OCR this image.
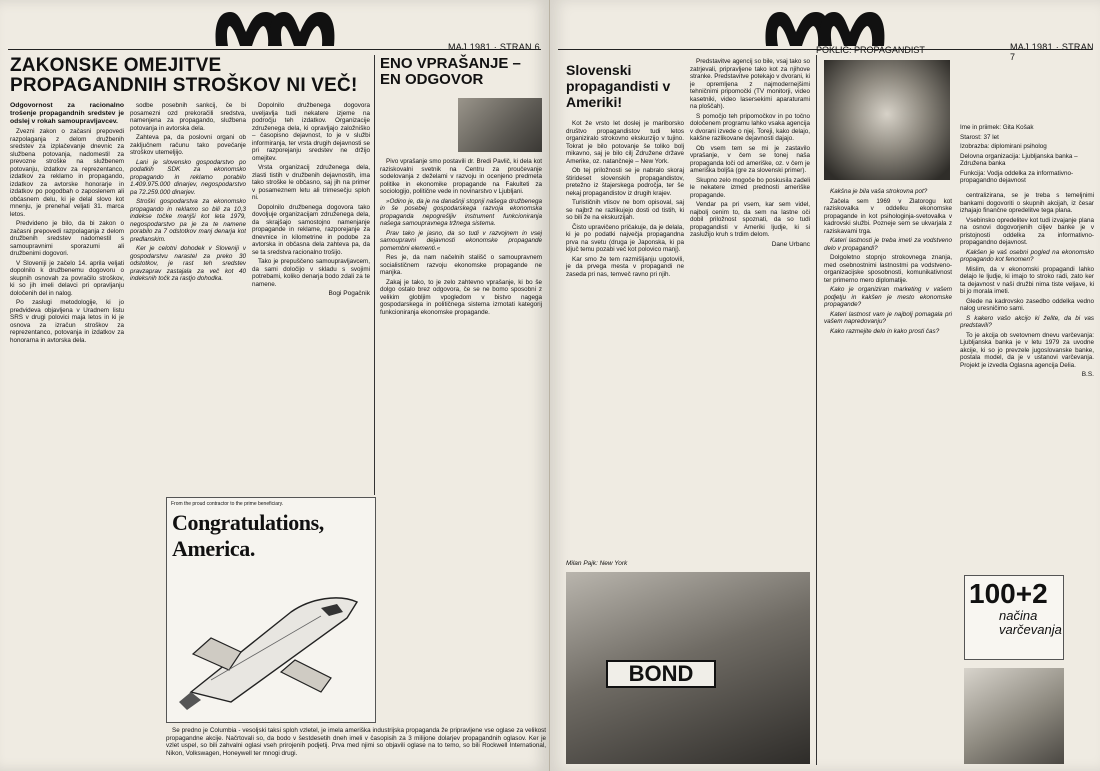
MAJ 1981 · STRAN 6
ZAKONSKE OMEJITVE PROPAGANDNIH STROŠKOV NI VEČ!

Odgovornost za racionalno trošenje propagandnih sredstev je odslej v rokah samoupravljavcev.

Zvezni zakon o začasni prepovedi razpolaganja z delom družbenih sredstev za izplačevanje dnevnic za službena potovanja, nadomestil za prevozne stroške na službenem potovanju, izdatkov za reprezentanco, izdatkov za reklamo in propagando, izdatkov za avtorske honorarje in izdatkov po pogodbah o zaposlenem ali občasnem delu, ki je delal slovo kot mnenju, je prenehal veljati 31. marca letos.

Predvideno je bilo, da bi zakon o začasni prepovedi razpolaganja z delom družbenih sredstev nadomestil s samoupravnimi sporazumi ali družbenimi dogovori.

V Sloveniji je začelo 14. aprila veljati dopolnilo k družbenemu dogovoru o skupnih osnovah za povračilo stroškov, ki so jih imeli delavci pri opravljanju določenih del in nalog.

Po zaslugi metodologije, ki jo predvideva objavljena v Uradnem listu SRS v drugi polovici maja letos in ki je osnova za izračun stroškov za reprezentanco, potovanja in izdatkov za honorarna in avtorska dela.

sodbe posebnih sankcij, če bi posamezni ozd prekoračili sredstva, namenjena za propagando, službena potovanja in avtorska dela.

Zahteva pa, da poslovni organi ob zaključnem računu tako povečanje stroškov utemeljijo.

Lani je slovensko gospodarstvo po podatkih SDK za ekonomsko propagando in reklamo porabilo 1.409.975.000 dinarjev, negospodarstvo pa 72.259.000 dinarjev.

Stroški gospodarstva za ekonomsko propagando in reklamo so bili za 10,3 indekse točke manjši kot leta 1979, negospodarstvo pa je za te namene porabilo za 7 odstotkov manj denarja kot predlanskim.

Ker je celotni dohodek v Sloveniji v gospodarstvu narastel za preko 30 odstotkov, je rast teh sredstev pravzaprav zastajala za več kot 40 indeksnih točk za rastjo dohodka.

Dopolnilo družbenega dogovora uveljavlja tudi nekatere izjeme na področju teh izdatkov. Organizacije združenega dela, ki opravljajo založniško – časopisno dejavnost, to je v službi informiranja, ter vrsta drugih dejavnosti se pri razporejanju sredstev ne držijo omejitev.

Vrsta organizacij združenega dela, zlasti tistih v družbenih dejavnostih, ima tako stroške le občasno, saj jih na primer v posameznem letu ali trimesečju sploh ni.

Dopolnilo družbenega dogovora tako dovoljuje organizacijam združenega dela, da skrajšajo samostojno namenjanje propagande in reklame, razporejanje za dnevnice in kilometrine in podobe za avtorska in občasna dela zahteva pa, da se ta sredstva racionalno trošijo.

Tako je prepuščeno samoupravljavcem, da sami določijo v skladu s svojimi potrebami, koliko denarja bodo zdali za te namene.

Bogi Pogačnik
ENO VPRAŠANJE – EN ODGOVOR

Pivo vprašanje smo postavili dr. Bredi Pavlič, ki dela kot raziskovalni svetnik na Centru za proučevanje sodelovanja z deželami v razvoju in ocenjeno predmeta politike in ekonomike propagande na Fakulteti za sociologijo, politične vede in novinarstvo v Ljubljani.

»Odino je, da je na današnji stopnji našega družbenega in še posebej gospodarskega razvoja ekonomska propaganda nepogrešljiv instrument funkcioniranja našega samoupravnega tržnega sistema.

Prav tako je jasno, da so tudi v razvojnem in vsej samoupravni dejavnosti ekonomske propagande pomembni elementi.«

Res je, da nam načelnih stališč o samoupravnem socialističnem razvoju ekonomske propagande ne manjka.

Zakaj je tako, to je zelo zahtevno vprašanje, ki bo še dolgo ostalo brez odgovora, če se ne bomo sposobni z velikim globljim vpogledom v bistvo nagega gospodarskega in političnega sistema izmotati kategorij funkcioniranja ekonomske propagande.

From the proud contractor to the prime beneficiary.
Congratulations, America.

Se predno je Columbia - vesoljski taksi sploh vzletel, je imela ameriška industrijska propaganda že pripravljene vse oglase za velikost propagandne akcije. Načrtovali so, da bodo v šestdesetih dneh imeli v časopisih za 3 milijone dolarjev propagandnih oglasov. Ker je vzlet uspel, so bili zahvalni oglasi vseh prirojenih podjetij. Prva med njimi so objavili oglase na to temo, so bili Rockwell International, Nikon, Volkswagen, Honeywell ter mnogi drugi.

MAJ 1981 · STRAN 7
Slovenski propagandisti v Ameriki!

Kot že vrsto let doslej je mariborsko društvo propagandistov tudi letos organiziralo strokovno ekskurzijo v tujino. Tokrat je bilo potovanje še toliko bolj mikavno, saj je bilo cilj Združene države Amerike, oz. natančneje – New York.

Ob tej priložnosti se je nabralo skoraj štirideset slovenskih propagandistov, pretežno iz štajerskega področja, ter še nekaj propagandistov iz drugih krajev.

Turističnih vtisov ne bom opisoval, saj se najbrž ne razlikujejo dosti od tistih, ki so bili že na ekskurzijah.

Čisto upravičeno pričakuje, da je delala, ki je po podatki največja propagandna prva na svetu (druga je Japonska, ki pa ključ temu pozabi več kot polovico manj).

Kar smo že tem razmišljanju ugotovili, je da prvega mesta v propagandi ne zaseda pri nas, temveč ravno pri njih.

Predstavitve agencij so bile, vsaj tako so zatrjevali, pripravljene tako kot za njihove stranke. Predstavitve potekajo v dvorani, ki je opremljena z najmodernejšimi tehničnimi pripomočki (TV monitorji, video kasetniki, video lasersekimi aparaturami na ploščah).

S pomočjo teh pripomočkov in po točno določenem programu lahko vsaka agencija v dvorani izvede o njej. Toreji, kako delajo, kakšne razlikovane dejavnosti dajajo.

Ob vsem tem se mi je zastavilo vprašanje, v čem se tonej naša propaganda loči od ameriške, oz. v čem je ameriška boljša (gre za slovenski primer).

Skupno zelo mogoče bo poskusila zadeli le nekatere izmed prednosti ameriške propagande.

Vendar pa pri vsem, kar sem videl, najbolj cenim to, da sem na lastne oči dobil priložnost spoznati, da so tudi propagandisti v Ameriki ljudje, ki si zaslužijo kruh s trdim delom.

Dane Urbanc
Milan Pajk: New York
BOND
POKLIC: PROPAGANDIST

Ime in priimek: Gita Košak

Starost: 37 let

Izobrazba: diplomirani psiholog

Delovna organizacija: Ljubljanska banka – Združena banka

Funkcija: Vodja oddelka za informativno-propagandno dejavnost

Kakšna je bila vaša strokovna pot?

Začela sem 1969 v Zlatorogu kot raziskovalka v oddelku ekonomske propagande in kot psihologinja-svetovalka v kadrovski službi. Pozneje sem se ukvarjala z raziskavami trga.

Kateri lastnosti je treba imeti za vodstveno delo v propagandi?

Dolgoletno stopnjo strokovnega znanja, med osebnostnimi lastnostmi pa vodstveno-organizacijske sposobnosti, komunikativnost ter primerno mero diplomatije.

Kako je organiziran marketing v vašem podjetju in kakšen je mesto ekonomske propagande?

Kateri lastnost vam je najbolj pomagala pri vašem napredovanju?

Kako razmejite delo in kako prosti čas?

centralizirana, se je treba s temeljnimi bankami dogovoriti o skupnih akcijah, iz česar izhajajo finančne opredelitve tega plana.

Vsebinsko opredelitev kot tudi izvajanje plana na osnovi dogovorjenih ciljev banke je v pristojnosti oddelka za informativno-propagandno dejavnost.

Kakšen je vaš osebni pogled na ekonomsko propagando kot fenomen?

Mislim, da v ekonomski propagandi lahko delajo le ljudje, ki imajo to stroko radi, zato ker ta dejavnost v naši družbi nima tiste veljave, ki bi jo morala imeti.

Glede na kadrovsko zasedbo oddelka vedno nalog uresničimo sami.

S kakero vašo akcijo ki želite, da bi vas predstavili?

To je akcija ob svetovnem dnevu varčevanja: Ljubljanska banka je v letu 1979 za uvodne akcije, ki so jo prevzele jugoslovanske banke, postala model, da je v ustanovi varčevanja. Projekt je izvedla Oglasna agencija Delia.

B.S.
100+2
načina varčevanja
